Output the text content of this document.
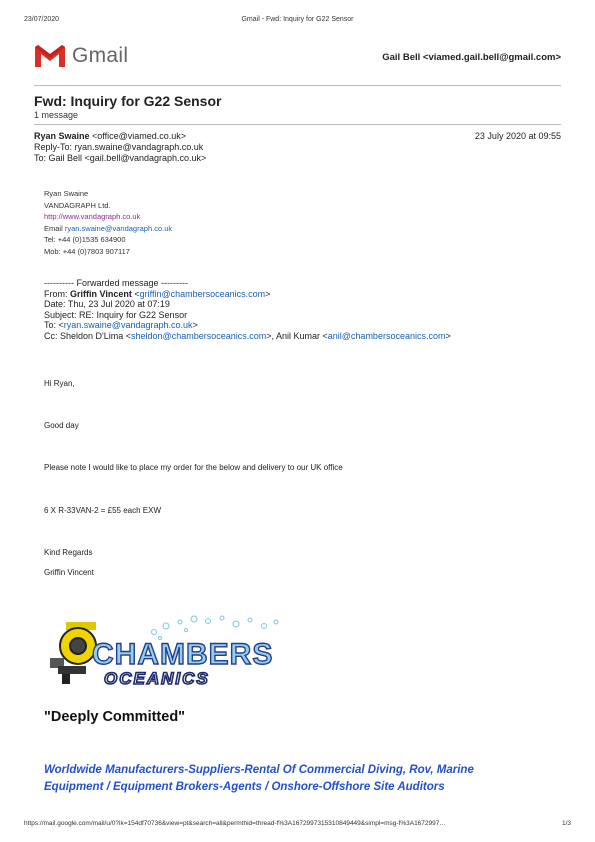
23/07/2020	Gmail - Fwd: Inquiry for G22 Sensor
Gmail	Gail Bell <viamed.gail.bell@gmail.com>
Fwd: Inquiry for G22 Sensor
1 message
Ryan Swaine <office@viamed.co.uk>	23 July 2020 at 09:55
Reply-To: ryan.swaine@vandagraph.co.uk
To: Gail Bell <gail.bell@vandagraph.co.uk>
Ryan Swaine
VANDAGRAPH Ltd.
http://www.vandagraph.co.uk
Email ryan.swaine@vandagraph.co.uk
Tel: +44 (0)1535 634900
Mob: +44 (0)7803 907117
---------- Forwarded message ---------
From: Griffin Vincent <griffin@chambersoceanics.com>
Date: Thu, 23 Jul 2020 at 07:19
Subject: RE: Inquiry for G22 Sensor
To: <ryan.swaine@vandagraph.co.uk>
Cc: Sheldon D'Lima <sheldon@chambersoceanics.com>, Anil Kumar <anil@chambersoceanics.com>
Hi Ryan,
Good day
Please note I would like to place my order for the below and delivery to our UK office
6 X R-33VAN-2 = £55 each EXW
Kind Regards
Griffin Vincent
CHAMBERS
OCEANICS
"Deeply Committed"
Worldwide Manufacturers-Suppliers-Rental Of Commercial Diving, Rov, Marine
Equipment / Equipment Brokers-Agents / Onshore-Offshore Site Auditors
https://mail.google.com/mail/u/0?ik=154df70736&view=pt&search=all&permthid=thread-f%3A1672997315310849449&simpl=msg-f%3A1672997…	1/3
